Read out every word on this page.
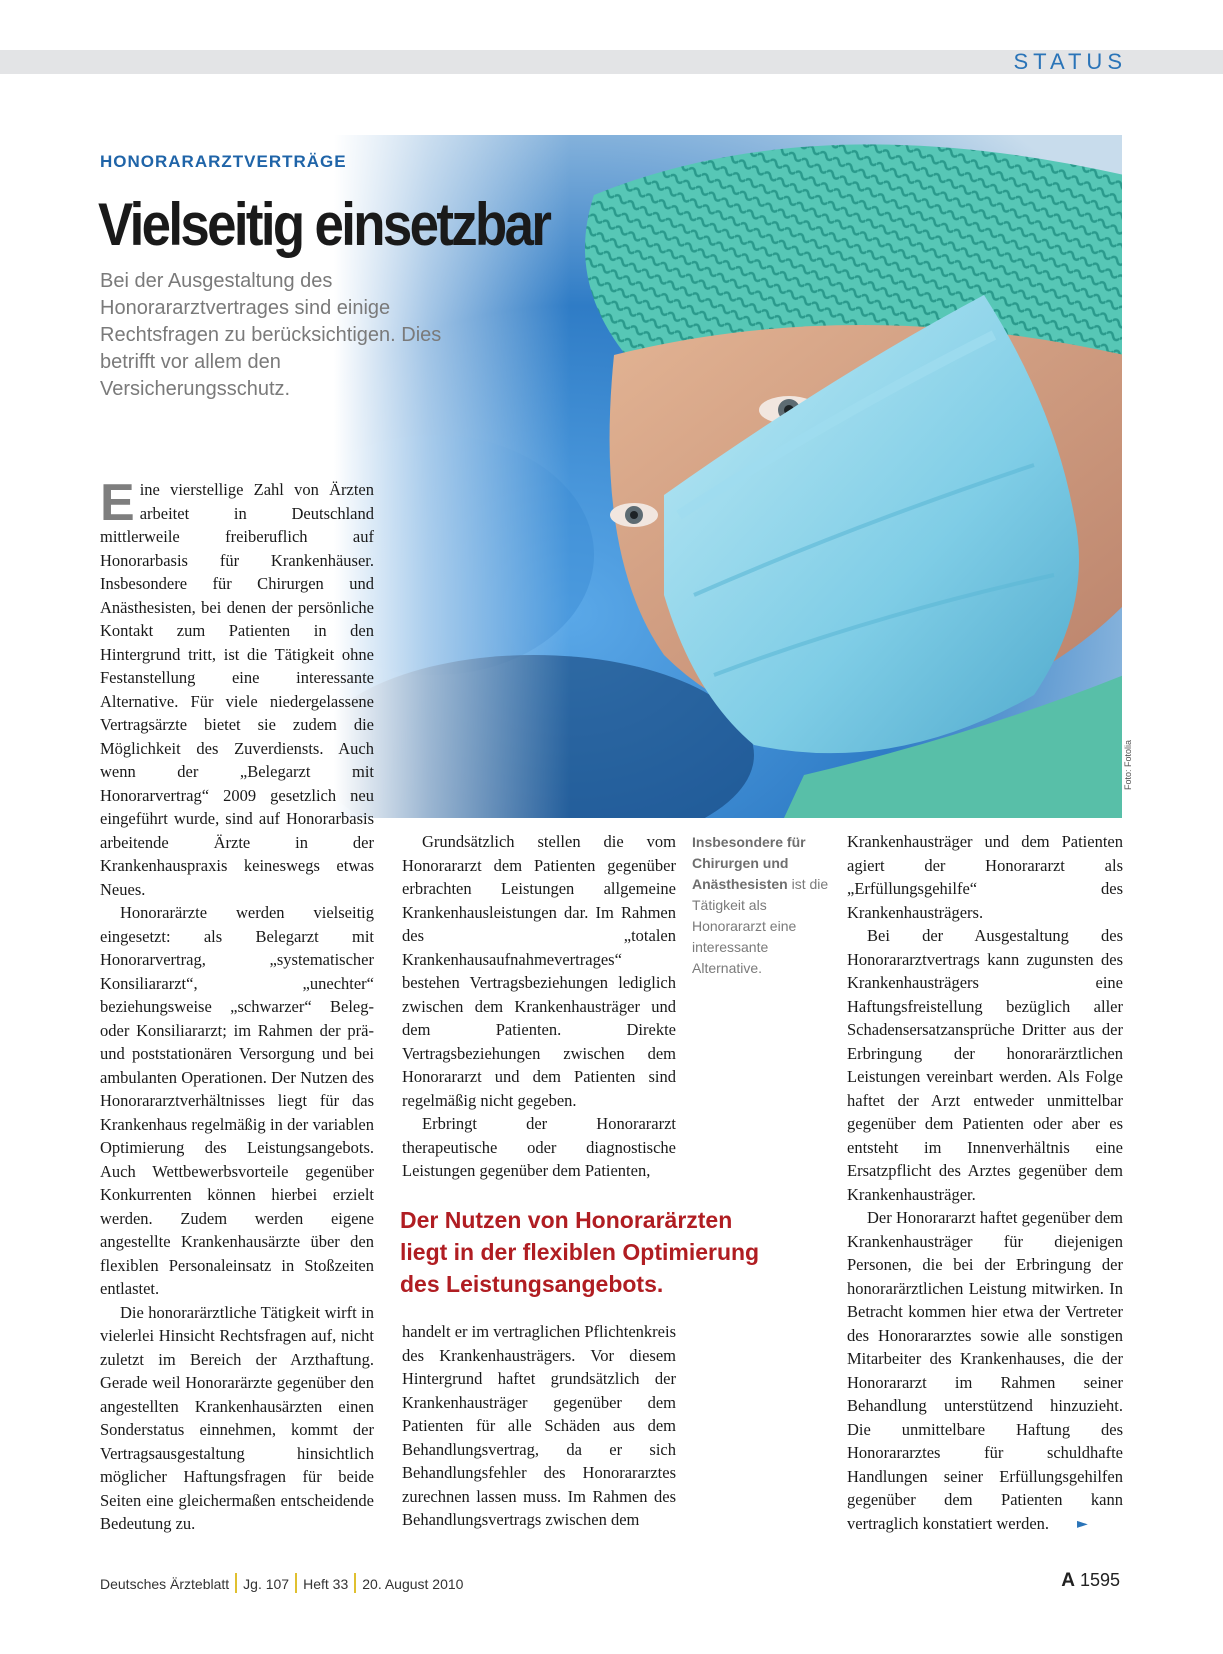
STATUS
Foto: Fotolia
HONORARARZTVERTRÄGE
Vielseitig einsetzbar
Bei der Ausgestaltung des Honorararztvertrages sind einige Rechtsfragen zu berücksichtigen. Dies betrifft vor allem den Versicherungsschutz.

Eine vierstellige Zahl von Ärzten arbeitet in Deutschland mittlerweile freiberuflich auf Honorarbasis für Krankenhäuser. Insbesondere für Chirurgen und Anästhesisten, bei denen der persönliche Kontakt zum Patienten in den Hintergrund tritt, ist die Tätigkeit ohne Festanstellung eine interessante Alternative. Für viele niedergelassene Vertragsärzte bietet sie zudem die Möglichkeit des Zuverdiensts. Auch wenn der „Belegarzt mit Honorarvertrag“ 2009 gesetzlich neu eingeführt wurde, sind auf Honorarbasis arbeitende Ärzte in der Krankenhauspraxis keineswegs etwas Neues.

Honorarärzte werden vielseitig eingesetzt: als Belegarzt mit Honorarvertrag, „systematischer Konsiliararzt“, „unechter“ beziehungsweise „schwarzer“ Beleg- oder Konsiliararzt; im Rahmen der prä- und poststationären Versorgung und bei ambulanten Operationen. Der Nutzen des Honorararztverhältnisses liegt für das Krankenhaus regelmäßig in der variablen Optimierung des Leistungsangebots. Auch Wettbewerbsvorteile gegenüber Konkurrenten können hierbei erzielt werden. Zudem werden eigene angestellte Krankenhausärzte über den flexiblen Personaleinsatz in Stoßzeiten entlastet.

Die honorarärztliche Tätigkeit wirft in vielerlei Hinsicht Rechtsfragen auf, nicht zuletzt im Bereich der Arzthaftung. Gerade weil Honorarärzte gegenüber den angestellten Krankenhausärzten einen Sonderstatus einnehmen, kommt der Vertragsausgestaltung hinsichtlich möglicher Haftungsfragen für beide Seiten eine gleichermaßen entscheidende Bedeutung zu.

Grundsätzlich stellen die vom Honorararzt dem Patienten gegenüber erbrachten Leistungen allgemeine Krankenhausleistungen dar. Im Rahmen des „totalen Krankenhausaufnahmevertrages“ bestehen Vertragsbeziehungen lediglich zwischen dem Krankenhausträger und dem Patienten. Direkte Vertragsbeziehungen zwischen dem Honorararzt und dem Patienten sind regelmäßig nicht gegeben.

Erbringt der Honorararzt therapeutische oder diagnostische Leistungen gegenüber dem Patienten,

Insbesondere für Chirurgen und Anästhesisten ist die Tätigkeit als Honorararzt eine interessante Alternative.
Der Nutzen von Honorarärzten liegt in der flexiblen Optimierung des Leistungsangebots.

handelt er im vertraglichen Pflichtenkreis des Krankenhausträgers. Vor diesem Hintergrund haftet grundsätzlich der Krankenhausträger gegenüber dem Patienten für alle Schäden aus dem Behandlungsvertrag, da er sich Behandlungsfehler des Honorararztes zurechnen lassen muss. Im Rahmen des Behandlungsvertrags zwischen dem

Krankenhausträger und dem Patienten agiert der Honorararzt als „Erfüllungsgehilfe“ des Krankenhausträgers.

Bei der Ausgestaltung des Honorararztvertrags kann zugunsten des Krankenhausträgers eine Haftungsfreistellung bezüglich aller Schadensersatzansprüche Dritter aus der Erbringung der honorarärztlichen Leistungen vereinbart werden. Als Folge haftet der Arzt entweder unmittelbar gegenüber dem Patienten oder aber es entsteht im Innenverhältnis eine Ersatzpflicht des Arztes gegenüber dem Krankenhausträger.

Der Honorararzt haftet gegenüber dem Krankenhausträger für diejenigen Personen, die bei der Erbringung der honorarärztlichen Leistung mitwirken. In Betracht kommen hier etwa der Vertreter des Honorararztes sowie alle sonstigen Mitarbeiter des Krankenhauses, die der Honorararzt im Rahmen seiner Behandlung unterstützend hinzuzieht. Die unmittelbare Haftung des Honorararztes für schuldhafte Handlungen seiner Erfüllungsgehilfen gegenüber dem Patienten kann vertraglich konstatiert werden. ►

Deutsches Ärzteblatt Jg. 107 Heft 33 20. August 2010	A 1595
